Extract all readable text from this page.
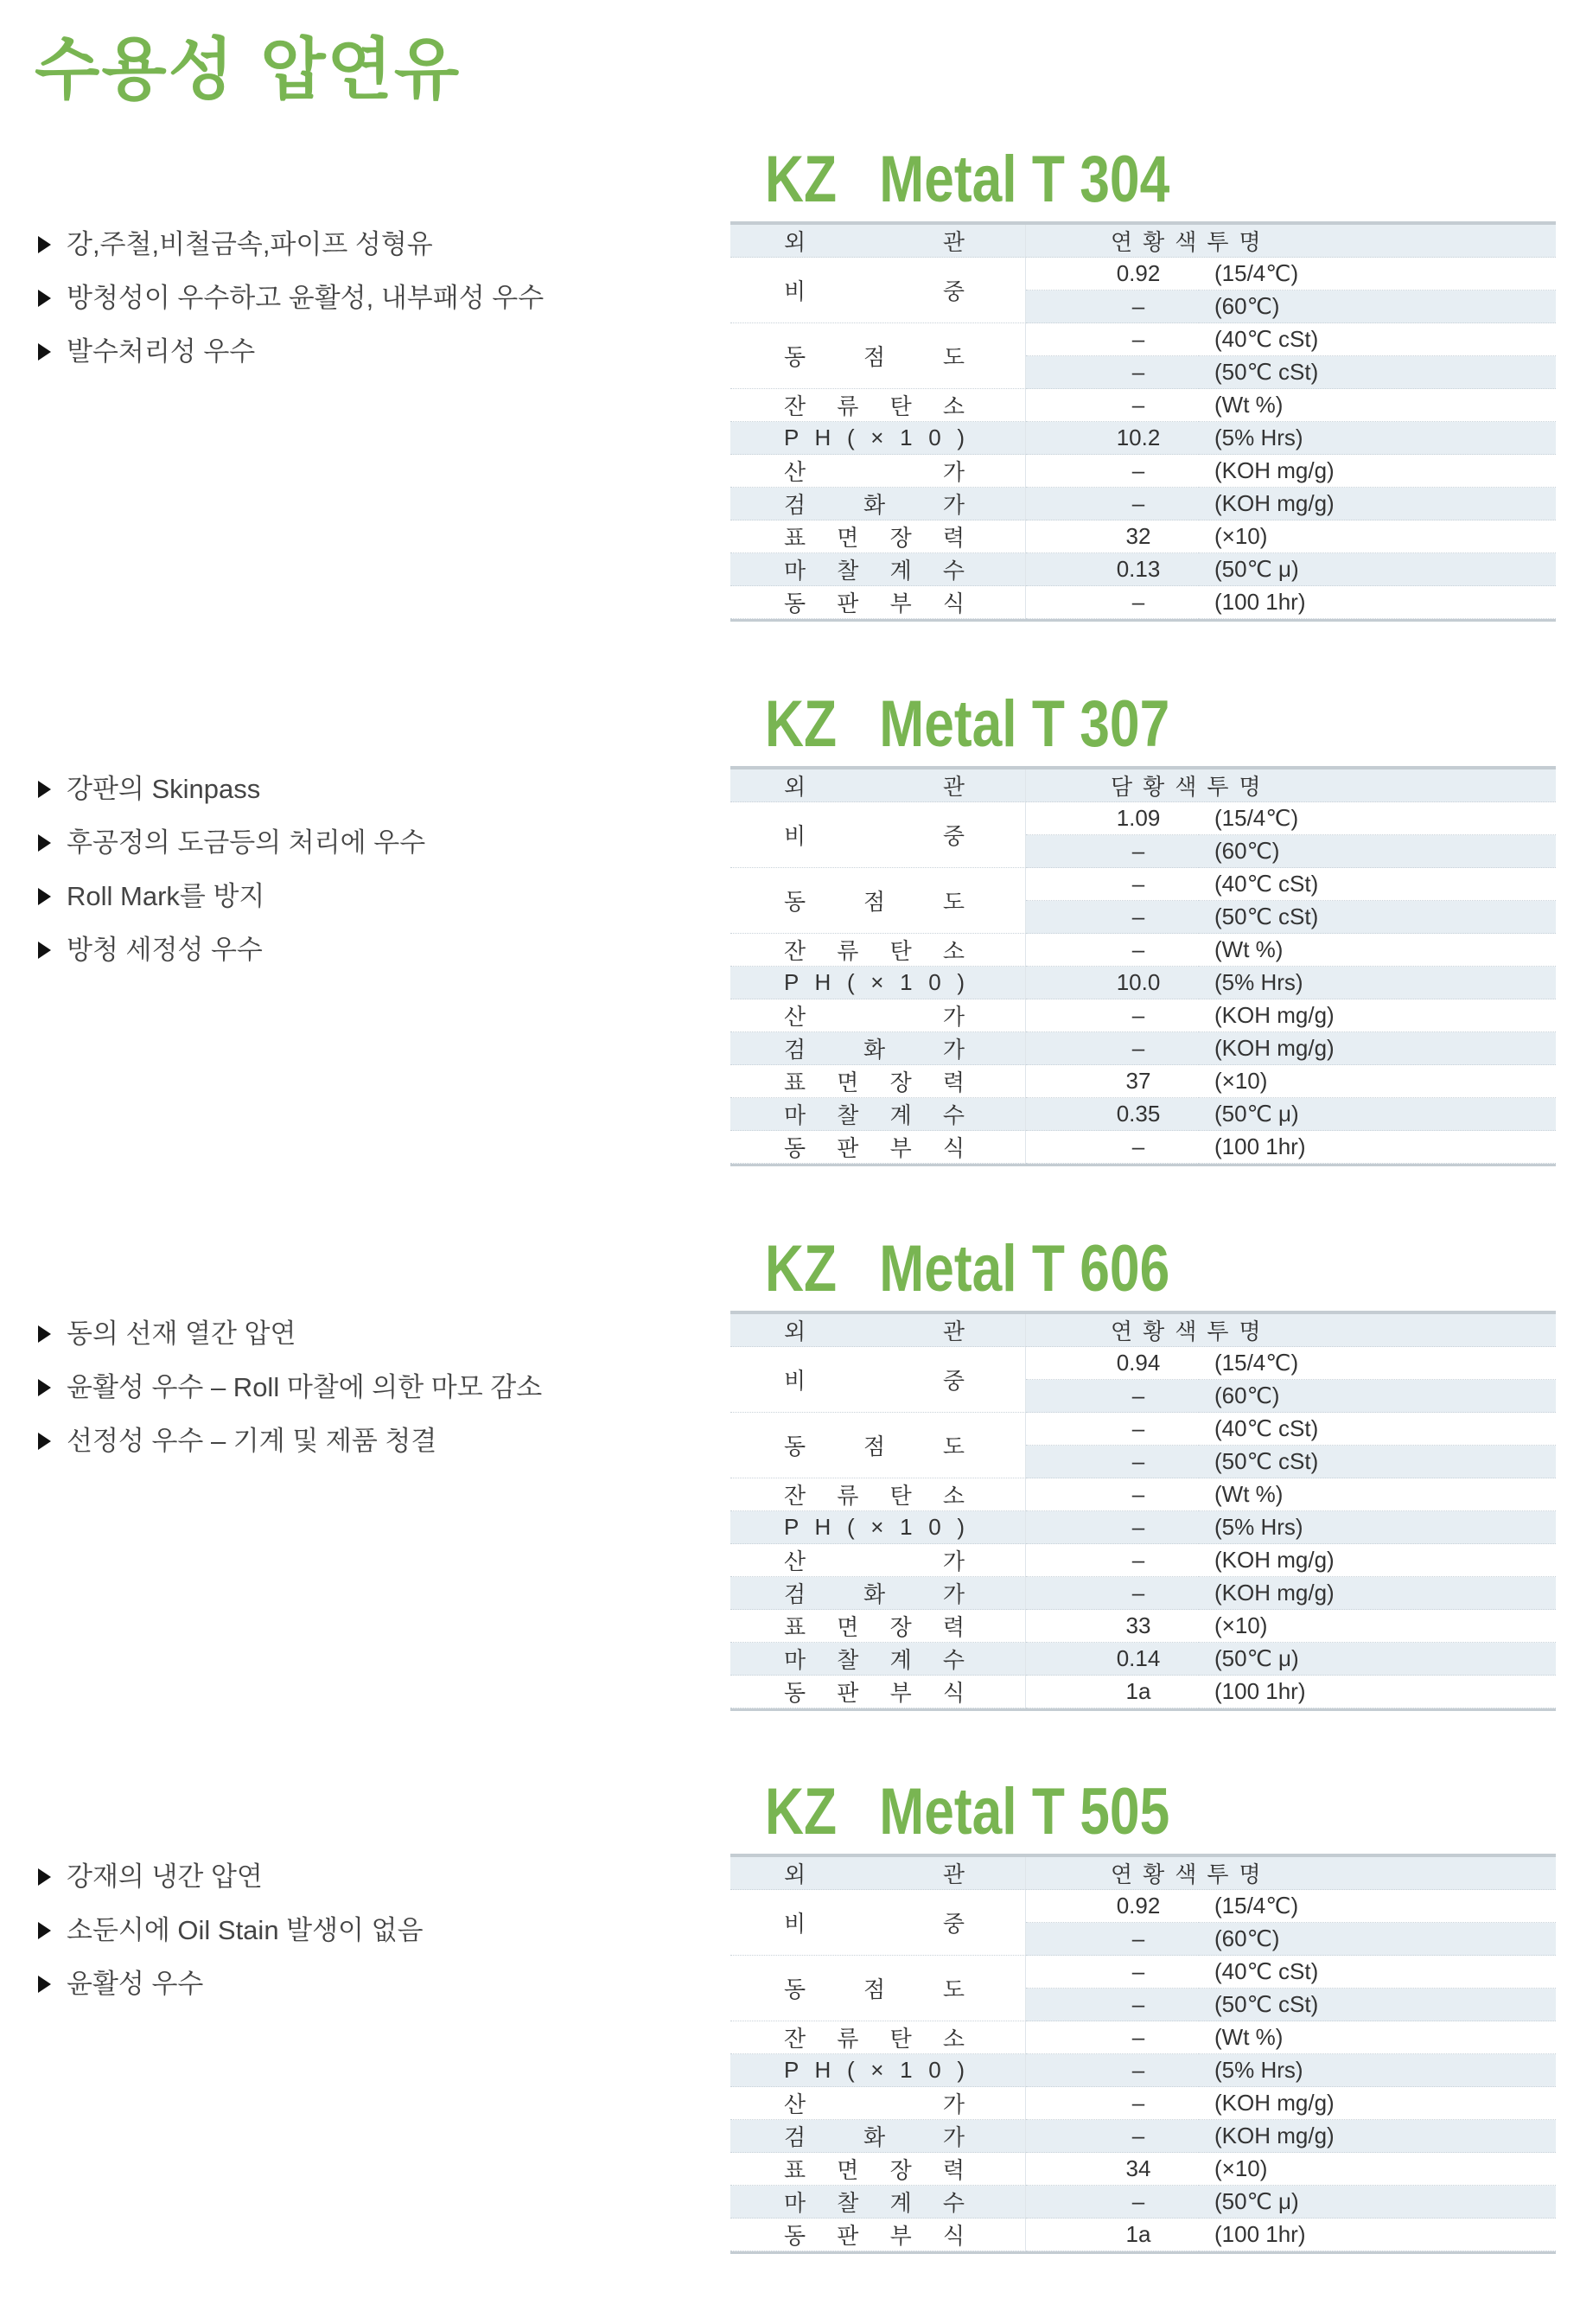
수용성 압연유
KZ Metal T 304
강,주철,비철금속,파이프 성형유
방청성이 우수하고 윤활성, 내부패성 우수
발수처리성 우수
외 관	연황색투명
비 중
0.92	(15/4℃)
–	(60℃)
동 점 도
–	(40℃ cSt)
–	(50℃ cSt)
잔 류 탄 소	–	(Wt %)
P H ( × 1 0 )	10.2	(5% Hrs)
산 가	–	(KOH mg/g)
검 화 가	–	(KOH mg/g)
표 면 장 력	32	(×10)
마 찰 계 수	0.13	(50℃ μ)
동 판 부 식	–	(100 1hr)
KZ Metal T 307
강판의 Skinpass
후공정의 도금등의 처리에 우수
Roll Mark를 방지
방청 세정성 우수
외 관	담황색투명
비 중
1.09	(15/4℃)
–	(60℃)
동 점 도
–	(40℃ cSt)
–	(50℃ cSt)
잔 류 탄 소	–	(Wt %)
P H ( × 1 0 )	10.0	(5% Hrs)
산 가	–	(KOH mg/g)
검 화 가	–	(KOH mg/g)
표 면 장 력	37	(×10)
마 찰 계 수	0.35	(50℃ μ)
동 판 부 식	–	(100 1hr)
KZ Metal T 606
동의 선재 열간 압연
윤활성 우수 – Roll 마찰에 의한 마모 감소
선정성 우수 – 기계 및 제품 청결
외 관	연황색투명
비 중
0.94	(15/4℃)
–	(60℃)
동 점 도
–	(40℃ cSt)
–	(50℃ cSt)
잔 류 탄 소	–	(Wt %)
P H ( × 1 0 )	–	(5% Hrs)
산 가	–	(KOH mg/g)
검 화 가	–	(KOH mg/g)
표 면 장 력	33	(×10)
마 찰 계 수	0.14	(50℃ μ)
동 판 부 식	1a	(100 1hr)
KZ Metal T 505
강재의 냉간 압연
소둔시에 Oil Stain 발생이 없음
윤활성 우수
외 관	연황색투명
비 중
0.92	(15/4℃)
–	(60℃)
동 점 도
–	(40℃ cSt)
–	(50℃ cSt)
잔 류 탄 소	–	(Wt %)
P H ( × 1 0 )	–	(5% Hrs)
산 가	–	(KOH mg/g)
검 화 가	–	(KOH mg/g)
표 면 장 력	34	(×10)
마 찰 계 수	–	(50℃ μ)
동 판 부 식	1a	(100 1hr)
